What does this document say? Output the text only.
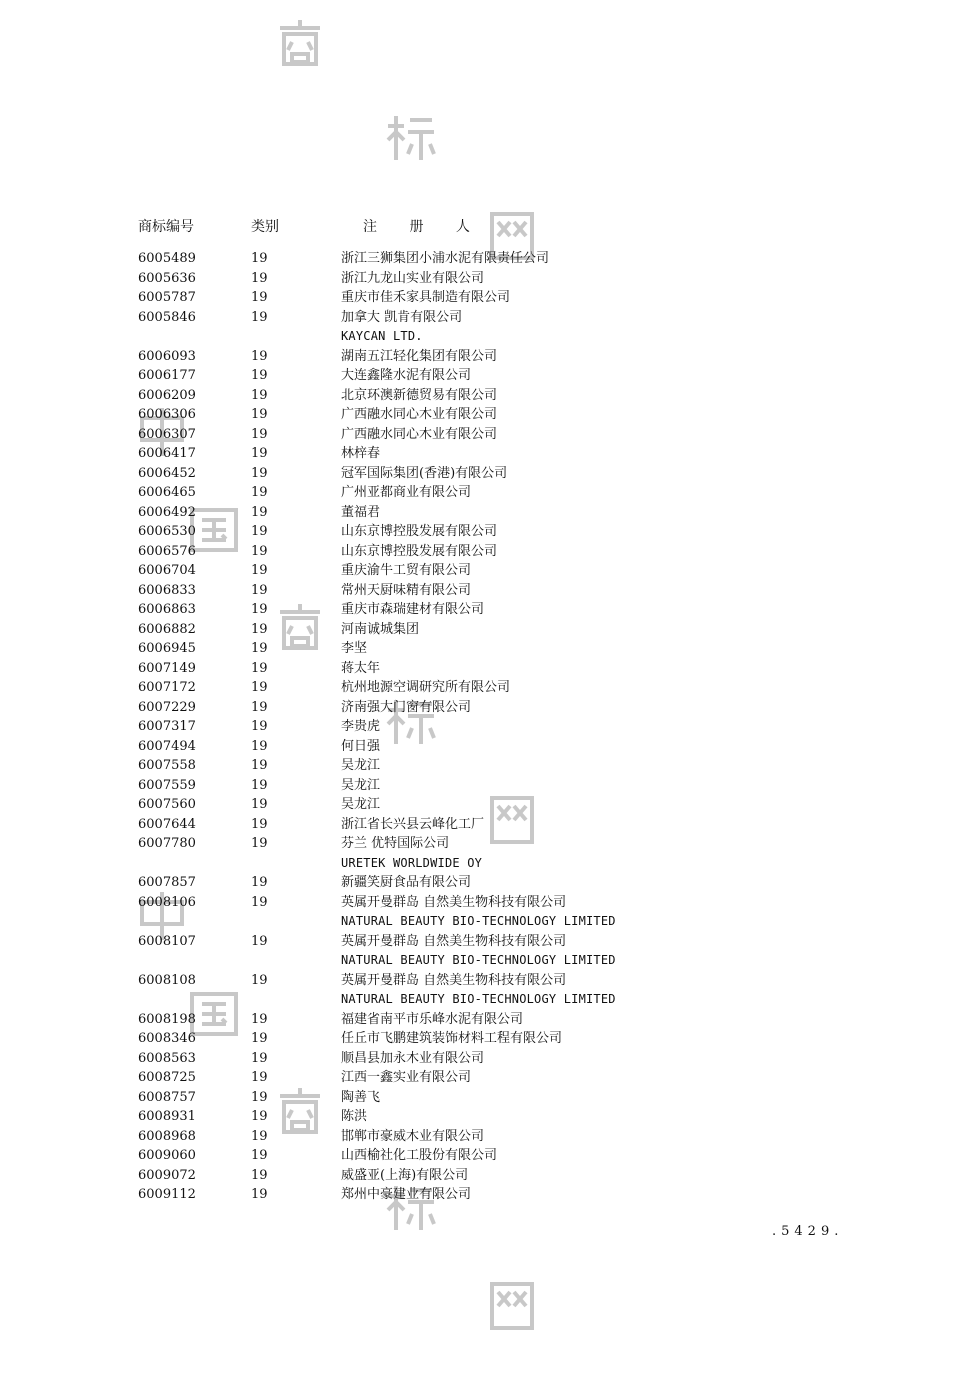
商标编号	类别	注 册 人
6005489	19	浙江三狮集团小浦水泥有限责任公司
6005636	19	浙江九龙山实业有限公司
6005787	19	重庆市佳禾家具制造有限公司
6005846	19	加拿大 凯肯有限公司
KAYCAN LTD.
6006093	19	湖南五江轻化集团有限公司
6006177	19	大连鑫隆水泥有限公司
6006209	19	北京环澳新德贸易有限公司
6006306	19	广西融水同心木业有限公司
6006307	19	广西融水同心木业有限公司
6006417	19	林梓春
6006452	19	冠军国际集团(香港)有限公司
6006465	19	广州亚都商业有限公司
6006492	19	董福君
6006530	19	山东京博控股发展有限公司
6006576	19	山东京博控股发展有限公司
6006704	19	重庆渝牛工贸有限公司
6006833	19	常州天厨味精有限公司
6006863	19	重庆市森瑞建材有限公司
6006882	19	河南诚城集团
6006945	19	李坚
6007149	19	蒋太年
6007172	19	杭州地源空调研究所有限公司
6007229	19	济南强大门窗有限公司
6007317	19	李贵虎
6007494	19	何日强
6007558	19	吴龙江
6007559	19	吴龙江
6007560	19	吴龙江
6007644	19	浙江省长兴县云峰化工厂
6007780	19	芬兰 优特国际公司
URETEK WORLDWIDE OY
6007857	19	新疆笑厨食品有限公司
6008106	19	英属开曼群岛 自然美生物科技有限公司
NATURAL BEAUTY BIO-TECHNOLOGY LIMITED
6008107	19	英属开曼群岛 自然美生物科技有限公司
NATURAL BEAUTY BIO-TECHNOLOGY LIMITED
6008108	19	英属开曼群岛 自然美生物科技有限公司
NATURAL BEAUTY BIO-TECHNOLOGY LIMITED
6008198	19	福建省南平市乐峰水泥有限公司
6008346	19	任丘市飞鹏建筑装饰材料工程有限公司
6008563	19	顺昌县加永木业有限公司
6008725	19	江西一鑫实业有限公司
6008757	19	陶善飞
6008931	19	陈洪
6008968	19	邯郸市豪威木业有限公司
6009060	19	山西榆社化工股份有限公司
6009072	19	威盛亚(上海)有限公司
6009112	19	郑州中豪建业有限公司
.5429.
